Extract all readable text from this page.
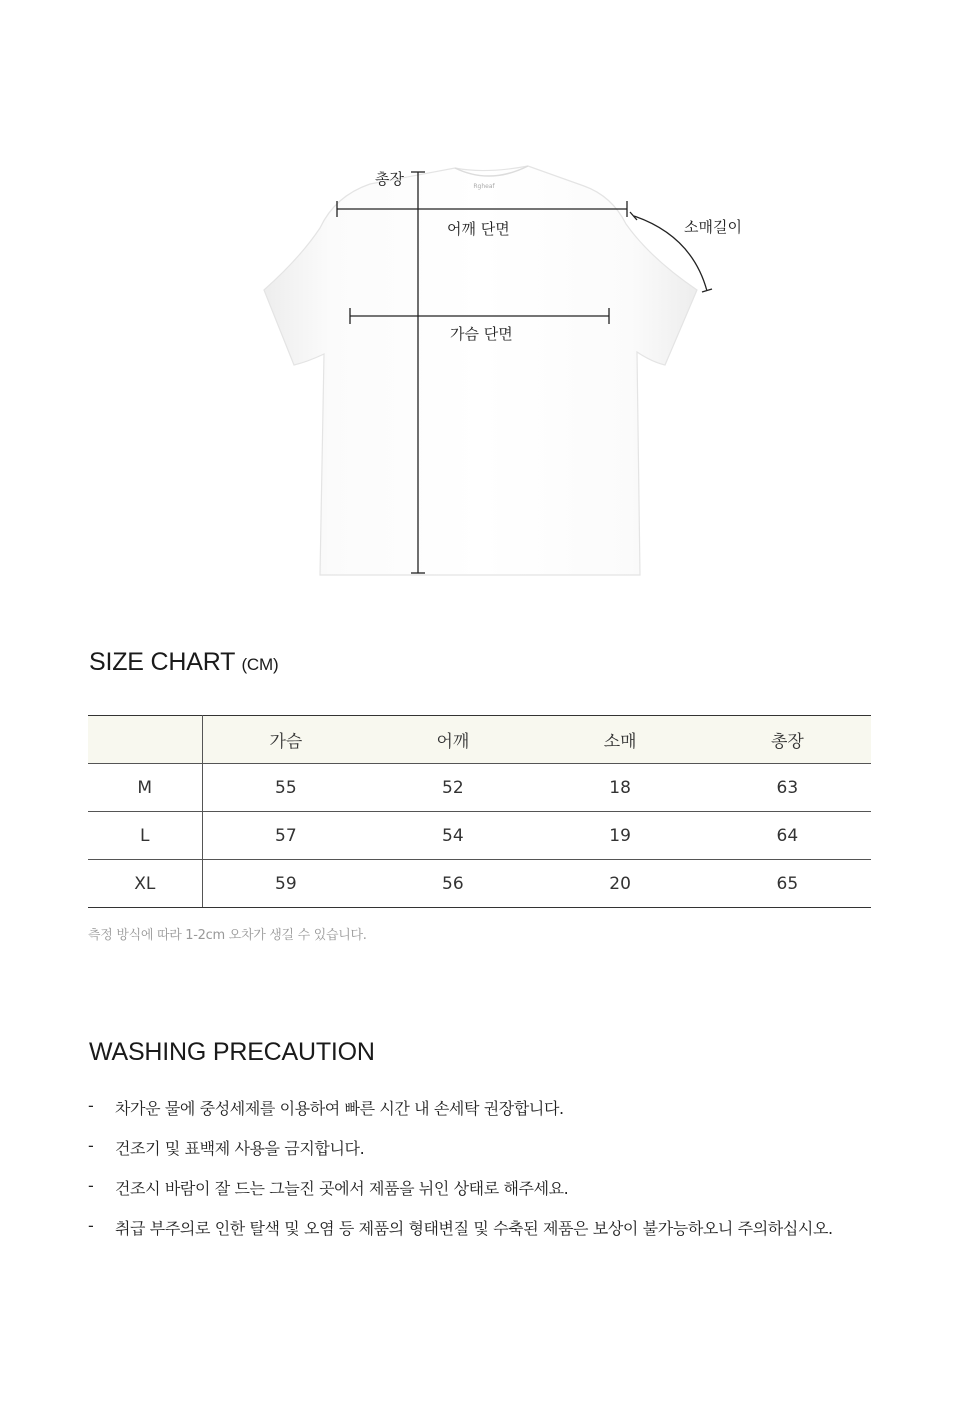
Rgheaf
총장
어깨 단면	소매길이
가슴 단면
SIZE CHART (CM)
	가슴	어깨	소매	총장
M	55	52	18	63
L	57	54	19	64
XL	59	56	20	65

측정 방식에 따라 1-2cm 오차가 생길 수 있습니다.

WASHING PRECAUTION
-	차가운 물에 중성세제를 이용하여 빠른 시간 내 손세탁 권장합니다.
-	건조기 및 표백제 사용을 금지합니다.
-	건조시 바람이 잘 드는 그늘진 곳에서 제품을 뉘인 상태로 해주세요.
-	취급 부주의로 인한 탈색 및 오염 등 제품의 형태변질 및 수축된 제품은 보상이 불가능하오니 주의하십시오.
